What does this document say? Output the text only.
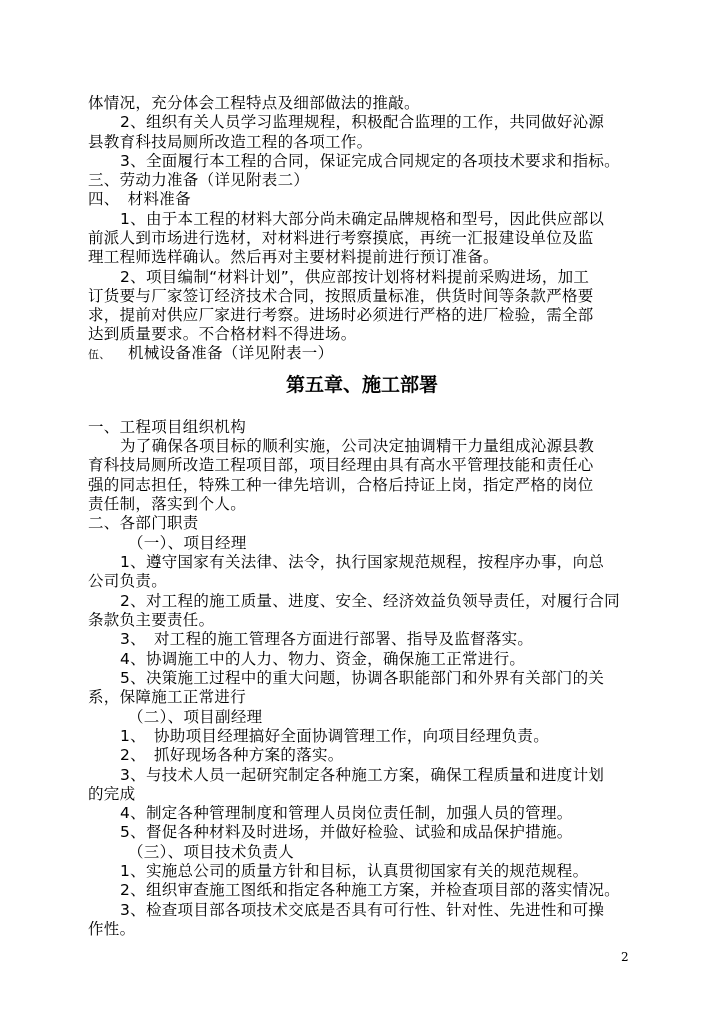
体情况，充分体会工程特点及细部做法的推敲。
2、组织有关人员学习监理规程，积极配合监理的工作，共同做好沁源
县教育科技局厕所改造工程的各项工作。
3、全面履行本工程的合同，保证完成合同规定的各项技术要求和指标。
三、劳动力准备（详见附表二）
四、　材料准备
1、由于本工程的材料大部分尚未确定品牌规格和型号，因此供应部以
前派人到市场进行选材，对材料进行考察摸底，再统一汇报建设单位及监
理工程师选样确认。然后再对主要材料提前进行预订准备。
2、项目编制“材料计划”，供应部按计划将材料提前采购进场，加工
订货要与厂家签订经济技术合同，按照质量标准，供货时间等条款严格要
求，提前对供应厂家进行考察。进场时必须进行严格的进厂检验，需全部
达到质量要求。不合格材料不得进场。
伍、 机械设备准备（详见附表一）
第五章、施工部署
一、工程项目组织机构
为了确保各项目标的顺利实施，公司决定抽调精干力量组成沁源县教
育科技局厕所改造工程项目部，项目经理由具有高水平管理技能和责任心
强的同志担任，特殊工种一律先培训，合格后持证上岗，指定严格的岗位
责任制，落实到个人。
二、各部门职责
（一）、项目经理
1、遵守国家有关法律、法令，执行国家规范规程，按程序办事，向总
公司负责。
2、对工程的施工质量、进度、安全、经济效益负领导责任，对履行合同
条款负主要责任。
3、　对工程的施工管理各方面进行部署、指导及监督落实。
4、协调施工中的人力、物力、资金，确保施工正常进行。
5、决策施工过程中的重大问题，协调各职能部门和外界有关部门的关
系，保障施工正常进行
（二）、项目副经理
1、　协助项目经理搞好全面协调管理工作，向项目经理负责。
2、　抓好现场各种方案的落实。
3、与技术人员一起研究制定各种施工方案，确保工程质量和进度计划
的完成
4、制定各种管理制度和管理人员岗位责任制，加强人员的管理。
5、督促各种材料及时进场，并做好检验、试验和成品保护措施。
（三）、项目技术负责人
1、实施总公司的质量方针和目标，认真贯彻国家有关的规范规程。
2、组织审查施工图纸和指定各种施工方案，并检查项目部的落实情况。
3、检查项目部各项技术交底是否具有可行性、针对性、先进性和可操
作性。
2
